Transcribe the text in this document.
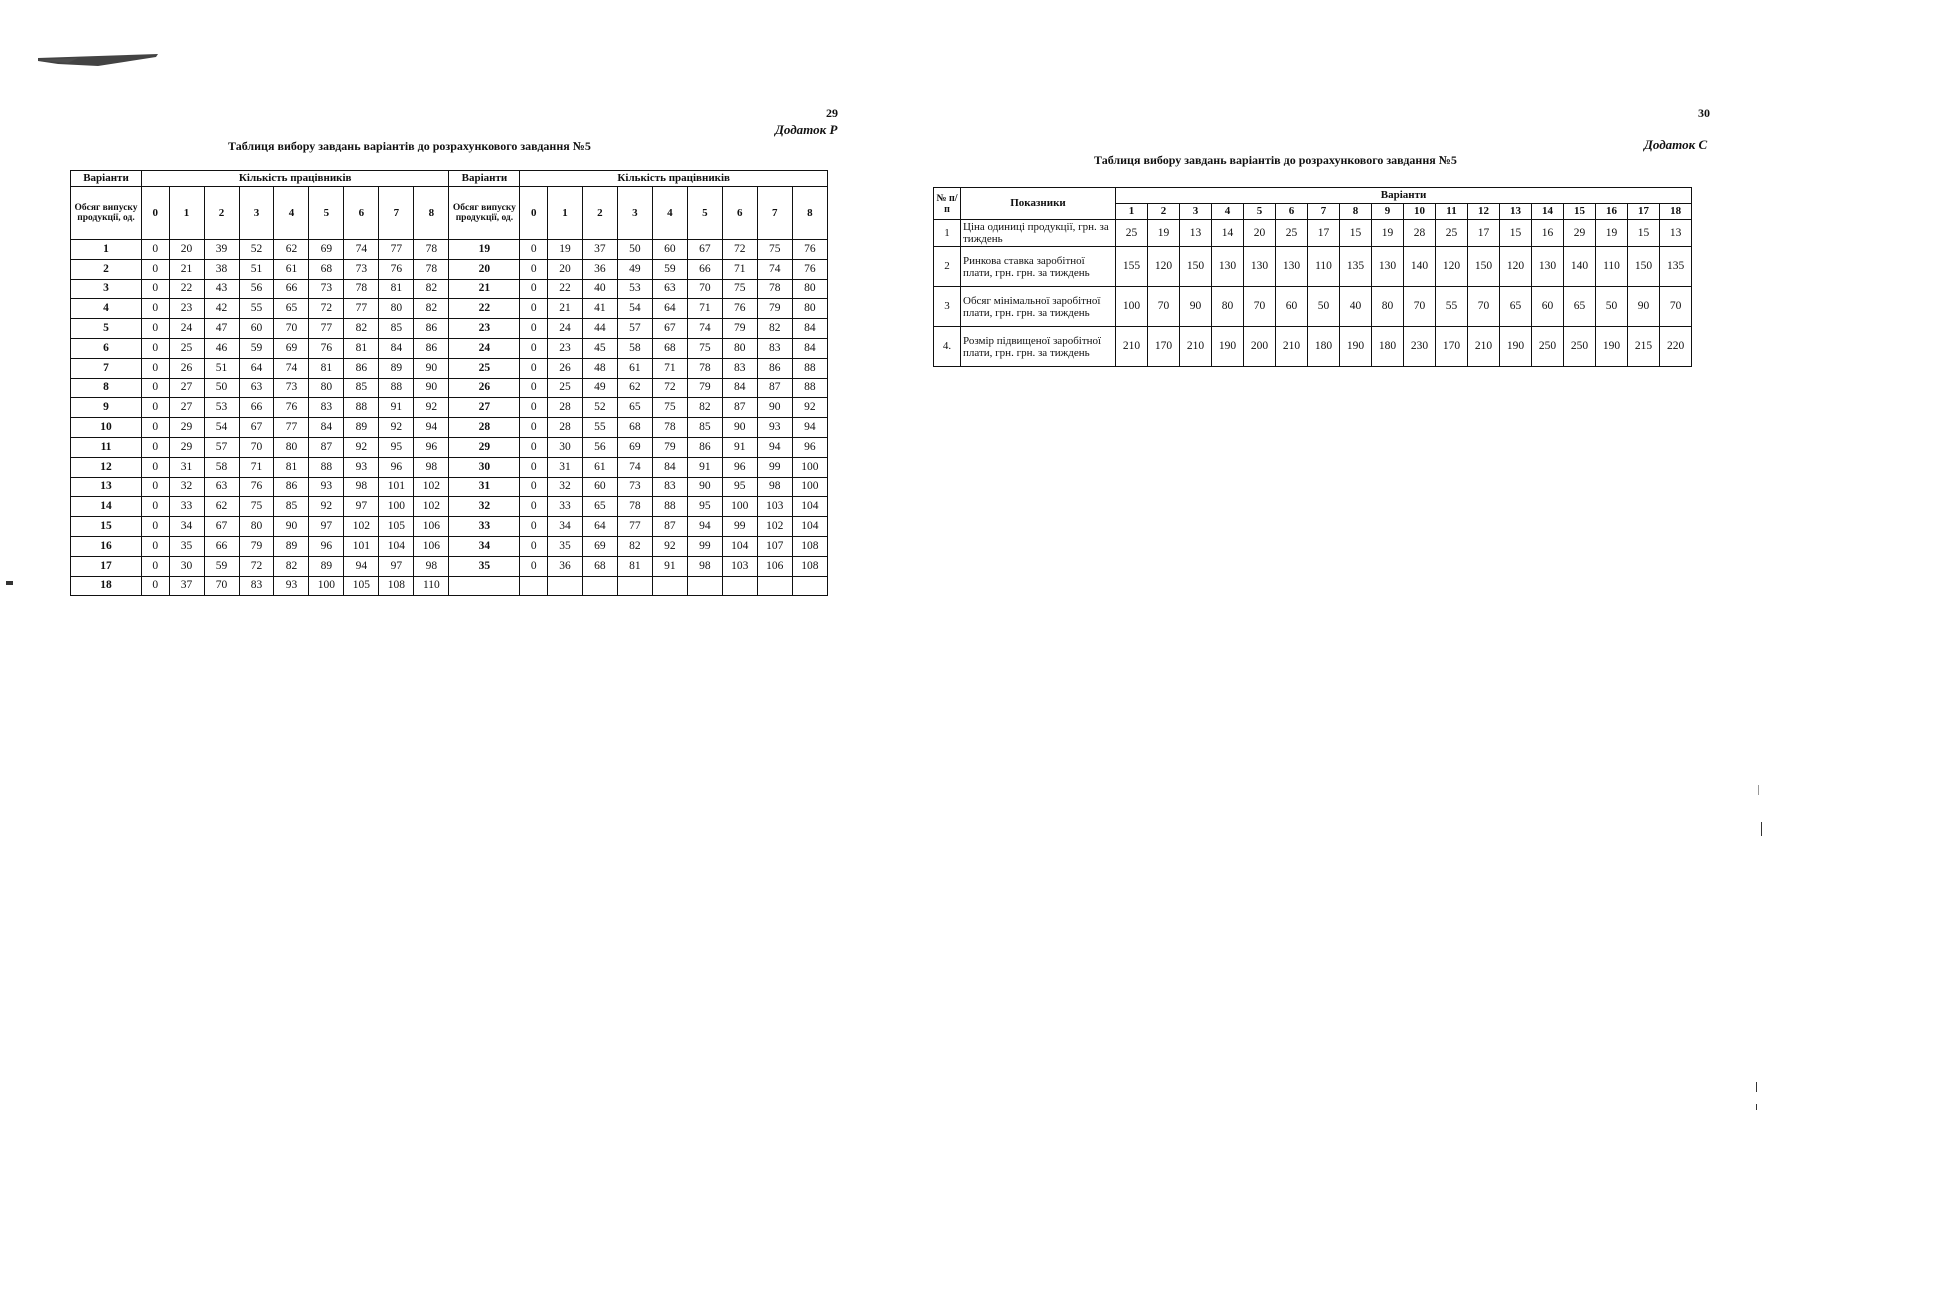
29
Додаток Р
Таблиця вибору завдань варіантів до розрахункового завдання №5
Варіанти	Кількість працівників									Варіанти	Кількість працівників								
Обсяг випуску продукції, од.	0	1	2	3	4	5	6	7	8	Обсяг випуску продукції, од.	0	1	2	3	4	5	6	7	8
1	0	20	39	52	62	69	74	77	78	19	0	19	37	50	60	67	72	75	76
2	0	21	38	51	61	68	73	76	78	20	0	20	36	49	59	66	71	74	76
3	0	22	43	56	66	73	78	81	82	21	0	22	40	53	63	70	75	78	80
4	0	23	42	55	65	72	77	80	82	22	0	21	41	54	64	71	76	79	80
5	0	24	47	60	70	77	82	85	86	23	0	24	44	57	67	74	79	82	84
6	0	25	46	59	69	76	81	84	86	24	0	23	45	58	68	75	80	83	84
7	0	26	51	64	74	81	86	89	90	25	0	26	48	61	71	78	83	86	88
8	0	27	50	63	73	80	85	88	90	26	0	25	49	62	72	79	84	87	88
9	0	27	53	66	76	83	88	91	92	27	0	28	52	65	75	82	87	90	92
10	0	29	54	67	77	84	89	92	94	28	0	28	55	68	78	85	90	93	94
11	0	29	57	70	80	87	92	95	96	29	0	30	56	69	79	86	91	94	96
12	0	31	58	71	81	88	93	96	98	30	0	31	61	74	84	91	96	99	100
13	0	32	63	76	86	93	98	101	102	31	0	32	60	73	83	90	95	98	100
14	0	33	62	75	85	92	97	100	102	32	0	33	65	78	88	95	100	103	104
15	0	34	67	80	90	97	102	105	106	33	0	34	64	77	87	94	99	102	104
16	0	35	66	79	89	96	101	104	106	34	0	35	69	82	92	99	104	107	108
17	0	30	59	72	82	89	94	97	98	35	0	36	68	81	91	98	103	106	108
18	0	37	70	83	93	100	105	108	110										
30
Додаток С
Таблиця вибору завдань варіантів до розрахункового завдання №5
№ п/п	Показники	Варіанти																	
		1	2	3	4	5	6	7	8	9	10	11	12	13	14	15	16	17	18
1	Ціна одиниці продукції, грн. за тиждень	25	19	13	14	20	25	17	15	19	28	25	17	15	16	29	19	15	13
2	Ринкова ставка заробітної плати, грн. грн. за тиждень	155	120	150	130	130	130	110	135	130	140	120	150	120	130	140	110	150	135
3	Обсяг мінімальної заробітної плати, грн. грн. за тиждень	100	70	90	80	70	60	50	40	80	70	55	70	65	60	65	50	90	70
4.	Розмір підвищеної заробітної плати, грн. грн. за тиждень	210	170	210	190	200	210	180	190	180	230	170	210	190	250	250	190	215	220
